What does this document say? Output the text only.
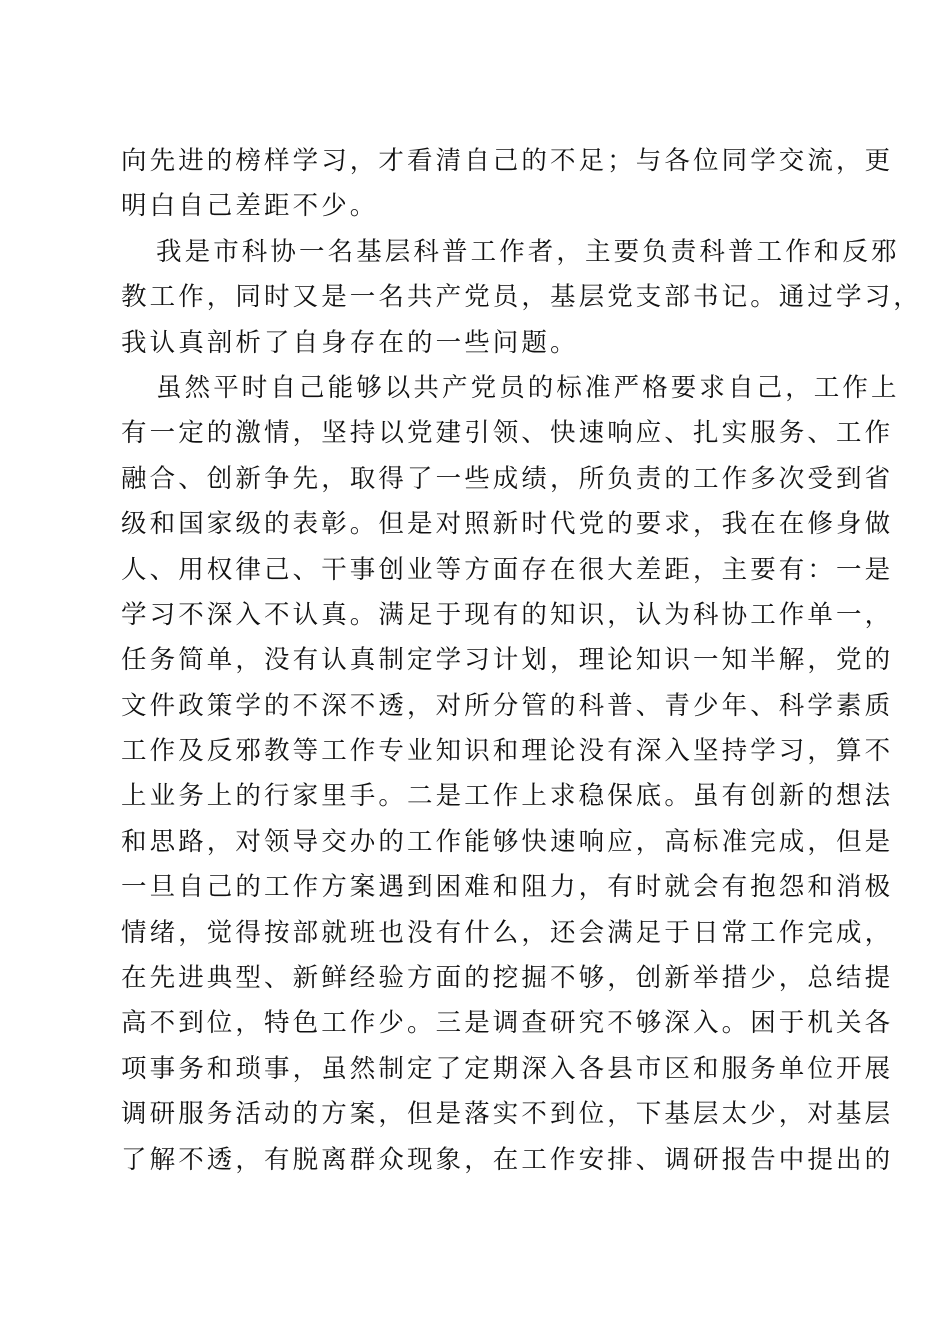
向先进的榜样学习，才看清自己的不足；与各位同学交流，更
明白自己差距不少。
我是市科协一名基层科普工作者，主要负责科普工作和反邪
教工作，同时又是一名共产党员，基层党支部书记。通过学习，
我认真剖析了自身存在的一些问题。
虽然平时自己能够以共产党员的标准严格要求自己，工作上
有一定的激情，坚持以党建引领、快速响应、扎实服务、工作
融合、创新争先，取得了一些成绩，所负责的工作多次受到省
级和国家级的表彰。但是对照新时代党的要求，我在在修身做
人、用权律己、干事创业等方面存在很大差距，主要有：一是
学习不深入不认真。满足于现有的知识，认为科协工作单一，
任务简单，没有认真制定学习计划，理论知识一知半解，党的
文件政策学的不深不透，对所分管的科普、青少年、科学素质
工作及反邪教等工作专业知识和理论没有深入坚持学习，算不
上业务上的行家里手。二是工作上求稳保底。虽有创新的想法
和思路，对领导交办的工作能够快速响应，高标准完成，但是
一旦自己的工作方案遇到困难和阻力，有时就会有抱怨和消极
情绪，觉得按部就班也没有什么，还会满足于日常工作完成，
在先进典型、新鲜经验方面的挖掘不够，创新举措少，总结提
高不到位，特色工作少。三是调查研究不够深入。困于机关各
项事务和琐事，虽然制定了定期深入各县市区和服务单位开展
调研服务活动的方案，但是落实不到位，下基层太少，对基层
了解不透，有脱离群众现象，在工作安排、调研报告中提出的
